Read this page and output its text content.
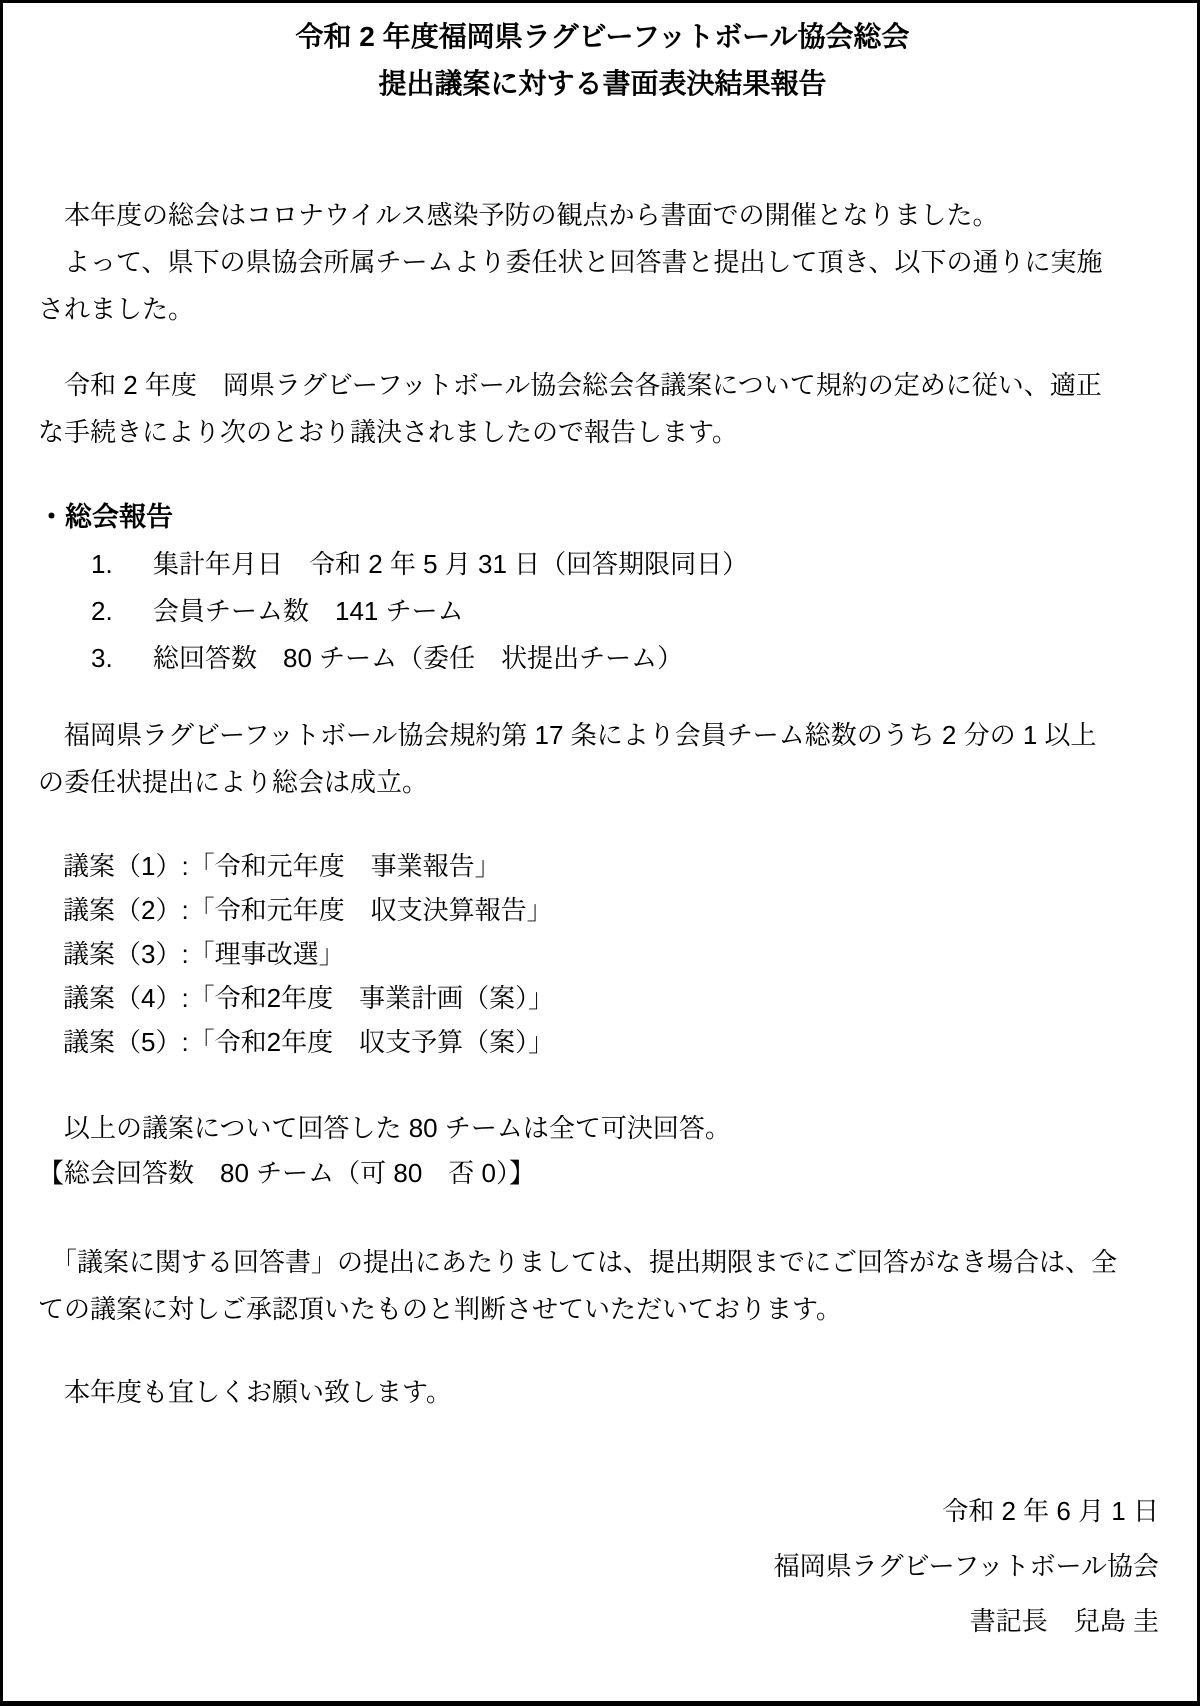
令和 2 年度福岡県ラグビーフットボール協会総会
提出議案に対する書面表決結果報告
　本年度の総会はコロナウイルス感染予防の観点から書面での開催となりました。
　よって、県下の県協会所属チームより委任状と回答書と提出して頂き、以下の通りに実施
されました。
　令和 2 年度　岡県ラグビーフットボール協会総会各議案について規約の定めに従い、適正
な手続きにより次のとおり議決されましたので報告します。
・総会報告
1. 集計年月日　令和 2 年 5 月 31 日（回答期限同日）
2. 会員チーム数　141 チーム
3. 総回答数　80 チーム（委任　状提出チーム）
　福岡県ラグビーフットボール協会規約第 17 条により会員チーム総数のうち 2 分の 1 以上
の委任状提出により総会は成立。
議案（1）:「令和元年度　事業報告」
議案（2）:「令和元年度　収支決算報告」
議案（3）:「理事改選」
議案（4）:「令和2年度　事業計画（案）」
議案（5）:「令和2年度　収支予算（案）」
　以上の議案について回答した 80 チームは全て可決回答。
【総会回答数　80 チーム（可 80　否 0）】
　「議案に関する回答書」の提出にあたりましては、提出期限までにご回答がなき場合は、全
ての議案に対しご承認頂いたものと判断させていただいております。
　本年度も宜しくお願い致します。
令和 2 年 6 月 1 日
福岡県ラグビーフットボール協会
書記長　兒島 圭
